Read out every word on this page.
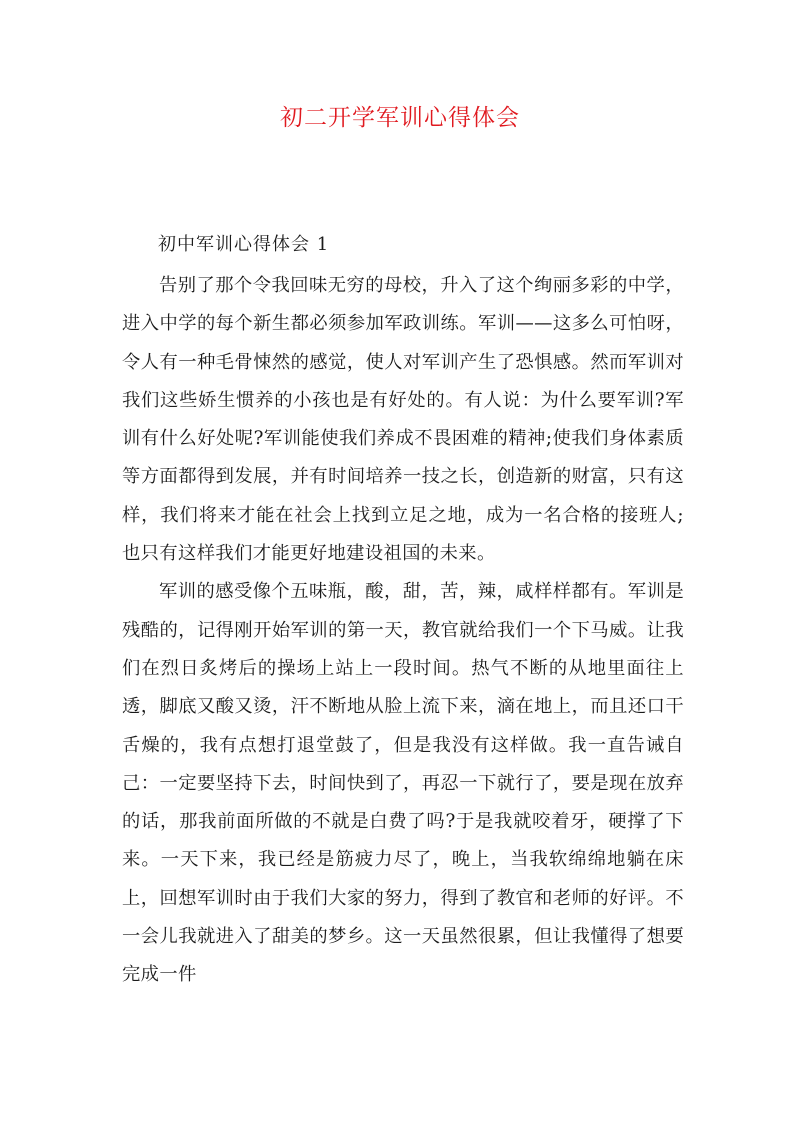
初二开学军训心得体会
初中军训心得体会 1

告别了那个令我回味无穷的母校，升入了这个绚丽多彩的中学，进入中学的每个新生都必须参加军政训练。军训——这多么可怕呀，令人有一种毛骨悚然的感觉，使人对军训产生了恐惧感。然而军训对我们这些娇生惯养的小孩也是有好处的。有人说：为什么要军训?军训有什么好处呢?军训能使我们养成不畏困难的精神;使我们身体素质等方面都得到发展，并有时间培养一技之长，创造新的财富，只有这样，我们将来才能在社会上找到立足之地，成为一名合格的接班人;也只有这样我们才能更好地建设祖国的未来。

军训的感受像个五味瓶，酸，甜，苦，辣，咸样样都有。军训是残酷的，记得刚开始军训的第一天，教官就给我们一个下马威。让我们在烈日炙烤后的操场上站上一段时间。热气不断的从地里面往上透，脚底又酸又烫，汗不断地从脸上流下来，滴在地上，而且还口干舌燥的，我有点想打退堂鼓了，但是我没有这样做。我一直告诫自己：一定要坚持下去，时间快到了，再忍一下就行了，要是现在放弃的话，那我前面所做的不就是白费了吗?于是我就咬着牙，硬撑了下来。一天下来，我已经是筋疲力尽了，晚上，当我软绵绵地躺在床上，回想军训时由于我们大家的努力，得到了教官和老师的好评。不一会儿我就进入了甜美的梦乡。这一天虽然很累，但让我懂得了想要完成一件
